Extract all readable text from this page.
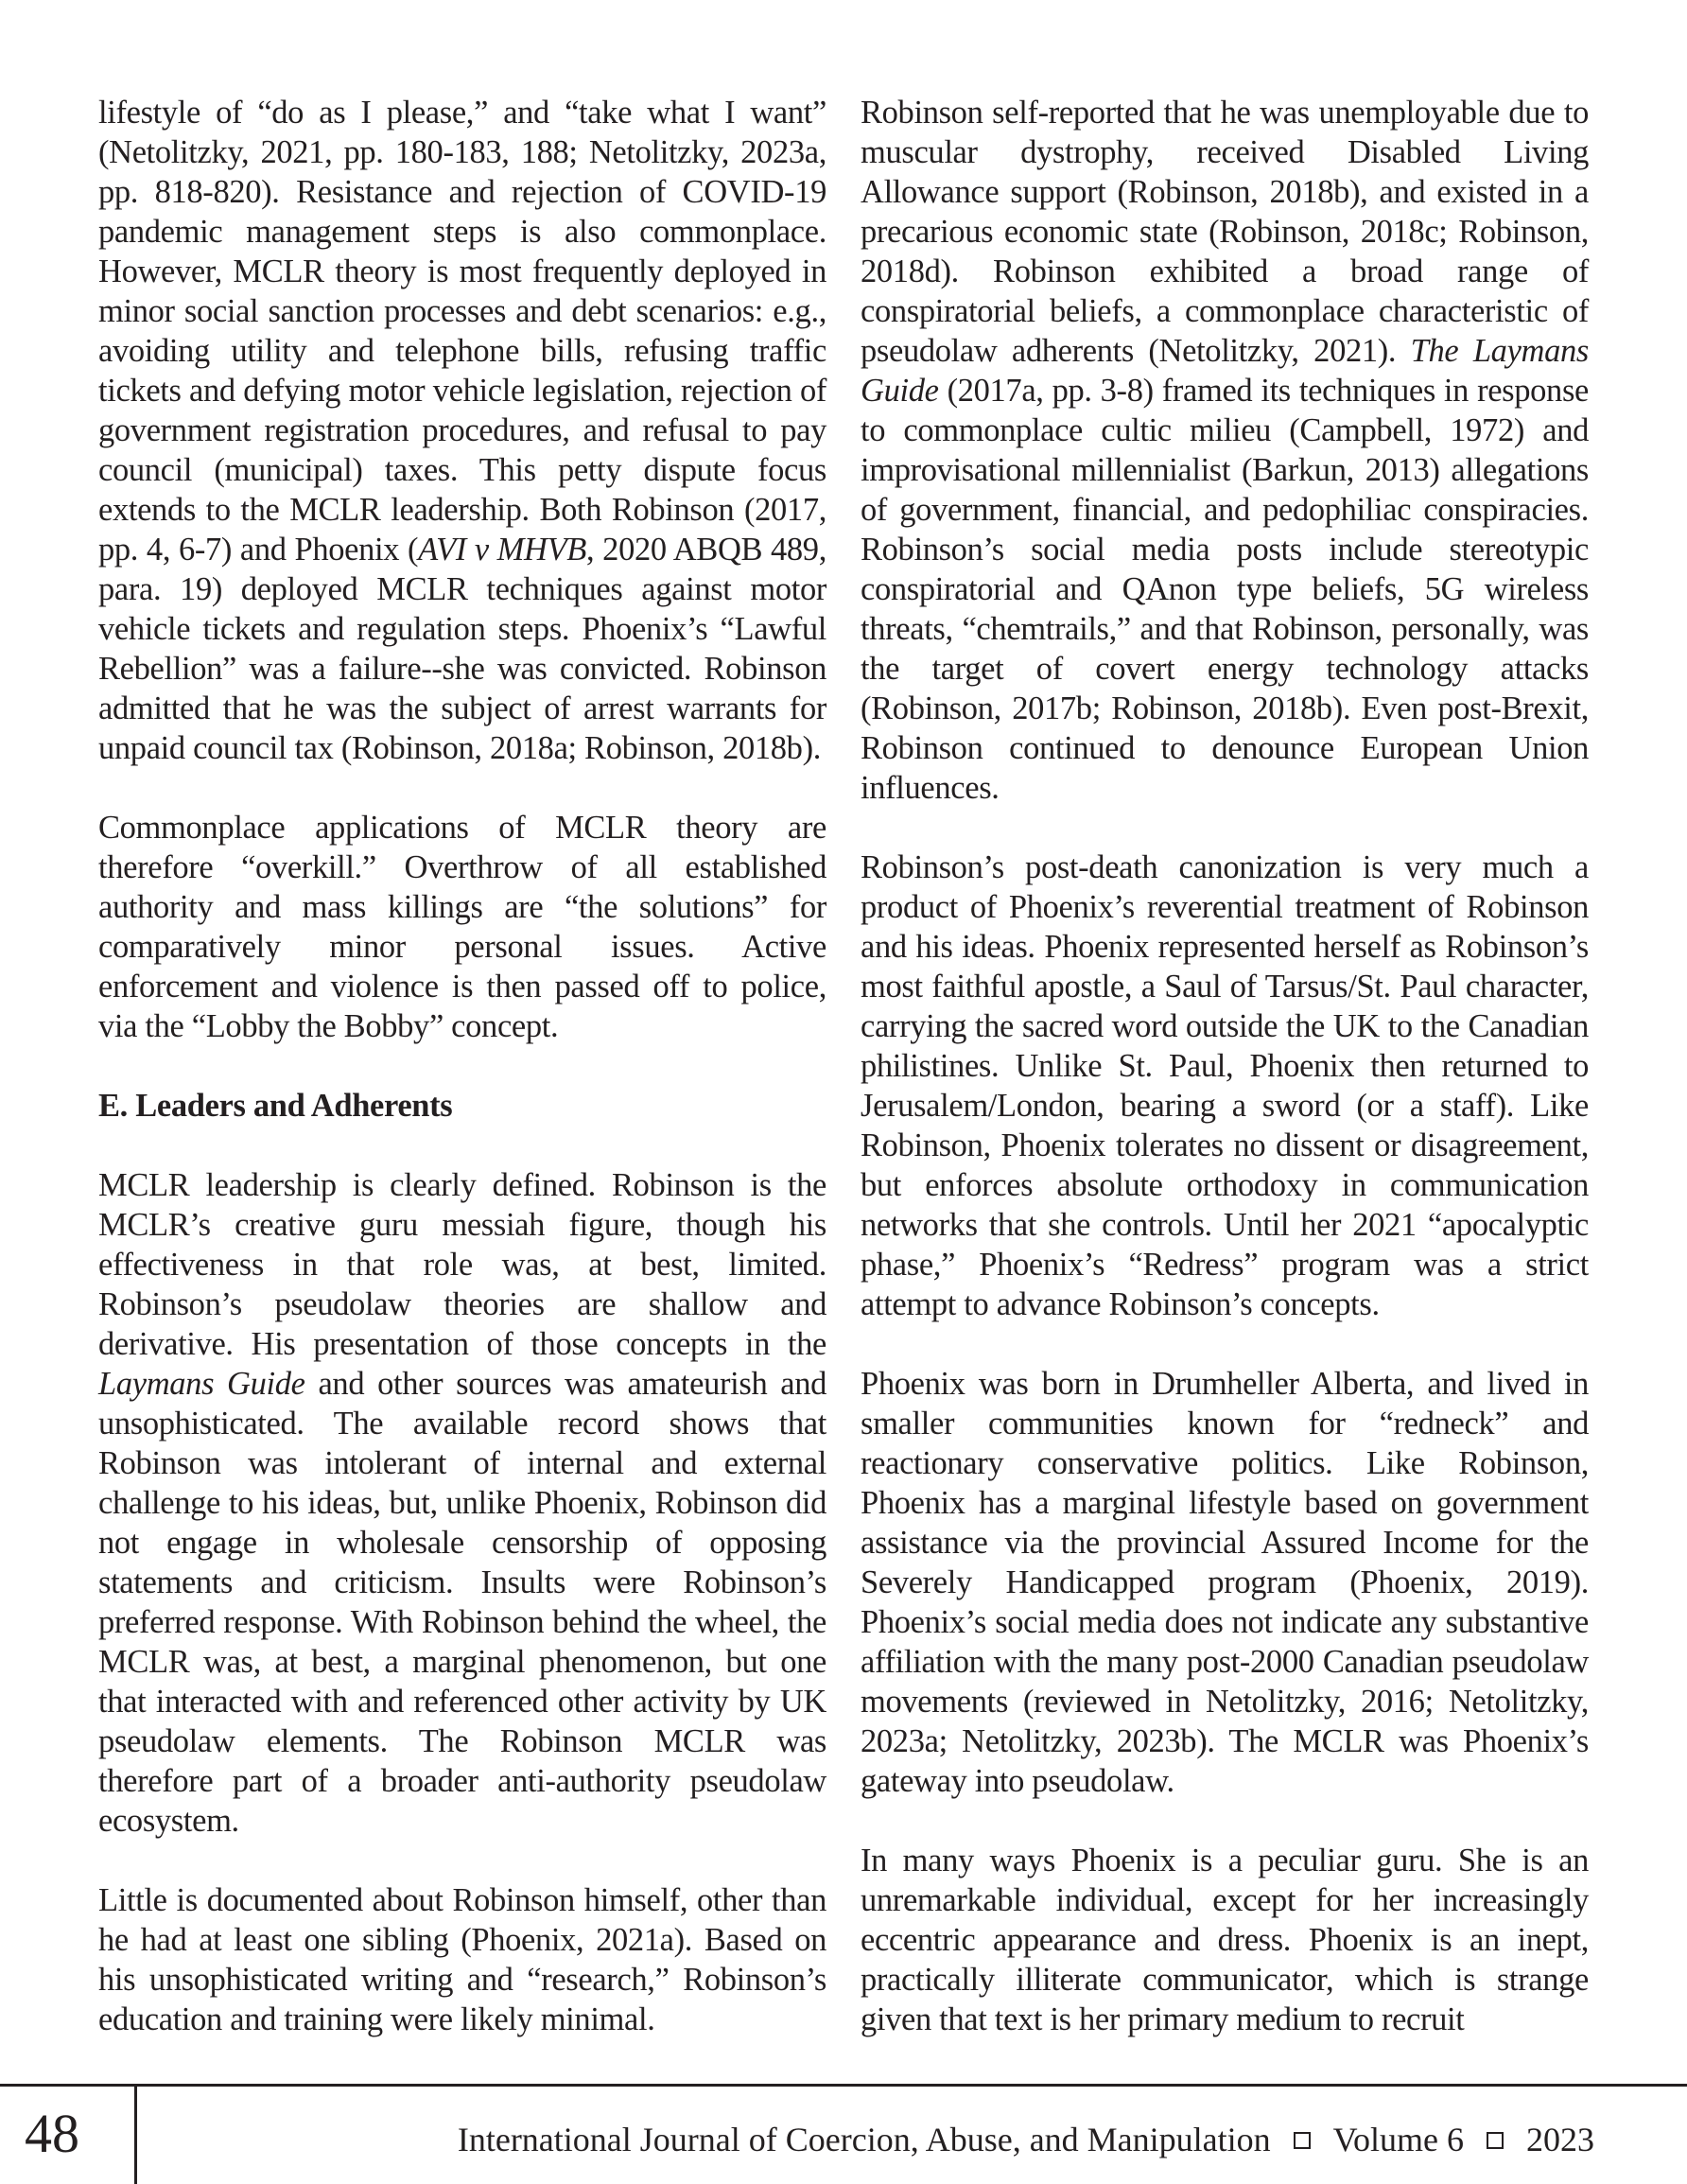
lifestyle of “do as I please,” and “take what I want” (Netolitzky, 2021, pp. 180-183, 188; Netolitzky, 2023a, pp. 818-820). Resistance and rejection of COVID-19 pandemic management steps is also commonplace. However, MCLR theory is most frequently deployed in minor social sanction processes and debt scenarios: e.g., avoiding utility and telephone bills, refusing traffic tickets and defying motor vehicle legislation, rejection of government registration procedures, and refusal to pay council (municipal) taxes. This petty dispute focus extends to the MCLR leadership. Both Robinson (2017, pp. 4, 6-7) and Phoenix (AVI v MHVB, 2020 ABQB 489, para. 19) deployed MCLR techniques against motor vehicle tickets and regulation steps. Phoenix’s “Lawful Rebellion” was a failure--she was convicted. Robinson admitted that he was the subject of arrest warrants for unpaid council tax (Robinson, 2018a; Robinson, 2018b).

Commonplace applications of MCLR theory are therefore “overkill.” Overthrow of all established authority and mass killings are “the solutions” for comparatively minor personal issues. Active enforcement and violence is then passed off to police, via the “Lobby the Bobby” concept.

E. Leaders and Adherents

MCLR leadership is clearly defined. Robinson is the MCLR’s creative guru messiah figure, though his effectiveness in that role was, at best, limited. Robinson’s pseudolaw theories are shallow and derivative. His presentation of those concepts in the Laymans Guide and other sources was amateurish and unsophisticated. The available record shows that Robinson was intolerant of internal and external challenge to his ideas, but, unlike Phoenix, Robinson did not engage in wholesale censorship of opposing statements and criticism. Insults were Robinson’s preferred response. With Robinson behind the wheel, the MCLR was, at best, a marginal phenomenon, but one that interacted with and referenced other activity by UK pseudolaw elements. The Robinson MCLR was therefore part of a broader anti-authority pseudolaw ecosystem.

Little is documented about Robinson himself, other than he had at least one sibling (Phoenix, 2021a). Based on his unsophisticated writing and “research,” Robinson’s education and training were likely minimal.

Robinson self-reported that he was unemployable due to muscular dystrophy, received Disabled Living Allowance support (Robinson, 2018b), and existed in a precarious economic state (Robinson, 2018c; Robinson, 2018d). Robinson exhibited a broad range of conspiratorial beliefs, a commonplace characteristic of pseudolaw adherents (Netolitzky, 2021). The Laymans Guide (2017a, pp. 3-8) framed its techniques in response to commonplace cultic milieu (Campbell, 1972) and improvisational millennialist (Barkun, 2013) allegations of government, financial, and pedophiliac conspiracies. Robinson’s social media posts include stereotypic conspiratorial and QAnon type beliefs, 5G wireless threats, “chemtrails,” and that Robinson, personally, was the target of covert energy technology attacks (Robinson, 2017b; Robinson, 2018b). Even post-Brexit, Robinson continued to denounce European Union influences.

Robinson’s post-death canonization is very much a product of Phoenix’s reverential treatment of Robinson and his ideas. Phoenix represented herself as Robinson’s most faithful apostle, a Saul of Tarsus/St. Paul character, carrying the sacred word outside the UK to the Canadian philistines. Unlike St. Paul, Phoenix then returned to Jerusalem/London, bearing a sword (or a staff). Like Robinson, Phoenix tolerates no dissent or disagreement, but enforces absolute orthodoxy in communication networks that she controls. Until her 2021 “apocalyptic phase,” Phoenix’s “Redress” program was a strict attempt to advance Robinson’s concepts.

Phoenix was born in Drumheller Alberta, and lived in smaller communities known for “redneck” and reactionary conservative politics. Like Robinson, Phoenix has a marginal lifestyle based on government assistance via the provincial Assured Income for the Severely Handicapped program (Phoenix, 2019). Phoenix’s social media does not indicate any substantive affiliation with the many post-2000 Canadian pseudolaw movements (reviewed in Netolitzky, 2016; Netolitzky, 2023a; Netolitzky, 2023b). The MCLR was Phoenix’s gateway into pseudolaw.

In many ways Phoenix is a peculiar guru. She is an unremarkable individual, except for her increasingly eccentric appearance and dress. Phoenix is an inept, practically illiterate communicator, which is strange given that text is her primary medium to recruit

48	International Journal of Coercion, Abuse, and Manipulation Volume 6 2023
